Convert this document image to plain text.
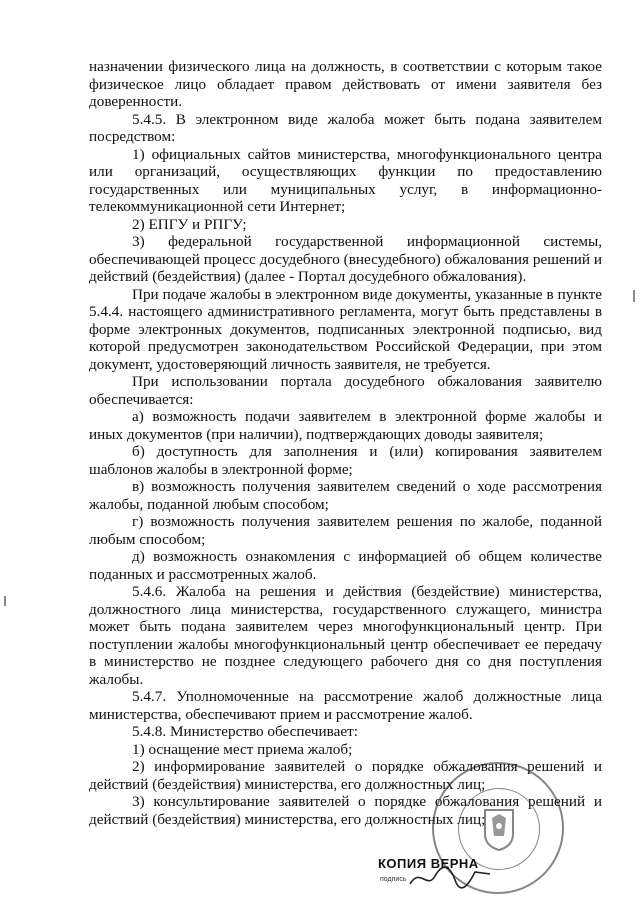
назначении физического лица на должность, в соответствии с которым такое физическое лицо обладает правом действовать от имени заявителя без доверенности.

5.4.5. В электронном виде жалоба может быть подана заявителем посредством:

1) официальных сайтов министерства, многофункционального центра или организаций, осуществляющих функции по предоставлению государственных или муниципальных услуг, в информационно-телекоммуникационной сети Интернет;

2) ЕПГУ и РПГУ;

3) федеральной государственной информационной системы, обеспечивающей процесс досудебного (внесудебного) обжалования решений и действий (бездействия) (далее - Портал досудебного обжалования).

При подаче жалобы в электронном виде документы, указанные в пункте 5.4.4. настоящего административного регламента, могут быть представлены в форме электронных документов, подписанных электронной подписью, вид которой предусмотрен законодательством Российской Федерации, при этом документ, удостоверяющий личность заявителя, не требуется.

При использовании портала досудебного обжалования заявителю обеспечивается:

а) возможность подачи заявителем в электронной форме жалобы и иных документов (при наличии), подтверждающих доводы заявителя;

б) доступность для заполнения и (или) копирования заявителем шаблонов жалобы в электронной форме;

в) возможность получения заявителем сведений о ходе рассмотрения жалобы, поданной любым способом;

г) возможность получения заявителем решения по жалобе, поданной любым способом;

д) возможность ознакомления с информацией об общем количестве поданных и рассмотренных жалоб.

5.4.6. Жалоба на решения и действия (бездействие) министерства, должностного лица министерства, государственного служащего, министра может быть подана заявителем через многофункциональный центр. При поступлении жалобы многофункциональный центр обеспечивает ее передачу в министерство не позднее следующего рабочего дня со дня поступления жалобы.

5.4.7. Уполномоченные на рассмотрение жалоб должностные лица министерства, обеспечивают прием и рассмотрение жалоб.

5.4.8. Министерство обеспечивает:

1) оснащение мест приема жалоб;

2) информирование заявителей о порядке обжалования решений и действий (бездействия) министерства, его должностных лиц;

3) консультирование заявителей о порядке обжалования решений и действий (бездействия) министерства, его должностных лиц;

КОПИЯ ВЕРНА
подпись
